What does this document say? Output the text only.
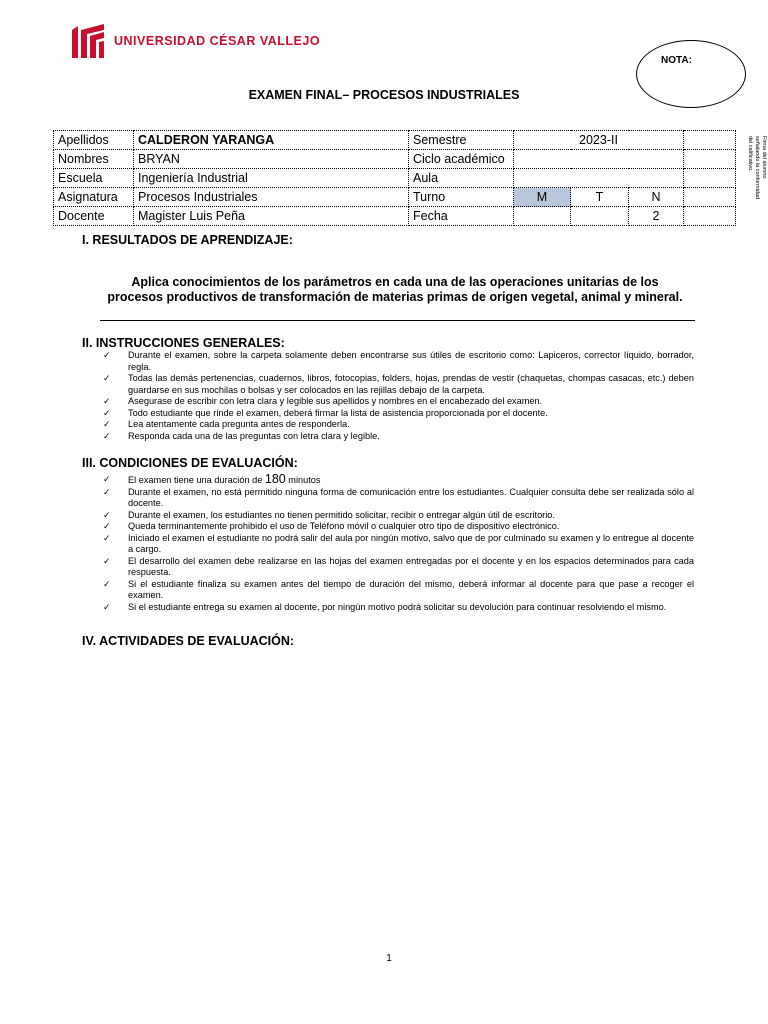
UNIVERSIDAD CÉSAR VALLEJO
NOTA:
Firma del alumno
señalando la conformidad
del calificativo.
EXAMEN FINAL– PROCESOS INDUSTRIALES
Apellidos	CALDERON YARANGA	Semestre	2023-II			
Nombres	BRYAN	Ciclo académico				
Escuela	Ingeniería Industrial	Aula				
Asignatura	Procesos Industriales	Turno	M	T	N	
Docente	Magister Luis Peña	Fecha			2	
I. RESULTADOS DE APRENDIZAJE:
Aplica conocimientos de los parámetros en cada una de las operaciones unitarias de los
procesos productivos de transformación de materias primas de origen vegetal, animal y mineral.
II. INSTRUCCIONES GENERALES:
✓ Durante el examen, sobre la carpeta solamente deben encontrarse sus útiles de escritorio como: Lapiceros, corrector líquido, borrador, regla.
✓ Todas las demás pertenencias, cuadernos, libros, fotocopias, folders, hojas, prendas de vestir (chaquetas, chompas casacas, etc.) deben guardarse en sus mochilas o bolsas y ser colocados en las rejillas debajo de la carpeta.
✓ Asegurase de escribir con letra clara y legible sus apellidos y nombres en el encabezado del examen.
✓ Todo estudiante que rinde el examen, deberá firmar la lista de asistencia proporcionada por el docente.
✓ Lea atentamente cada pregunta antes de responderla.
✓ Responda cada una de las preguntas con letra clara y legible.
III. CONDICIONES DE EVALUACIÓN:
✓ El examen tiene una duración de 180 minutos
✓ Durante el examen, no está permitido ninguna forma de comunicación entre los estudiantes. Cualquier consulta debe ser realizada sólo al docente.
✓ Durante el examen, los estudiantes no tienen permitido solicitar, recibir o entregar algún útil de escritorio.
✓ Queda terminantemente prohibido el uso de Teléfono móvil o cualquier otro tipo de dispositivo electrónico.
✓ Iniciado el examen el estudiante no podrá salir del aula por ningún motivo, salvo que de por culminado su examen y lo entregue al docente a cargo.
✓ El desarrollo del examen debe realizarse en las hojas del examen entregadas por el docente y en los espacios determinados para cada respuesta.
✓ Si el estudiante finaliza su examen antes del tiempo de duración del mismo, deberá informar al docente para que pase a recoger el examen.
✓ Si el estudiante entrega su examen al docente, por ningún motivo podrá solicitar su devolución para continuar resolviendo el mismo.
IV. ACTIVIDADES DE EVALUACIÓN:
1
